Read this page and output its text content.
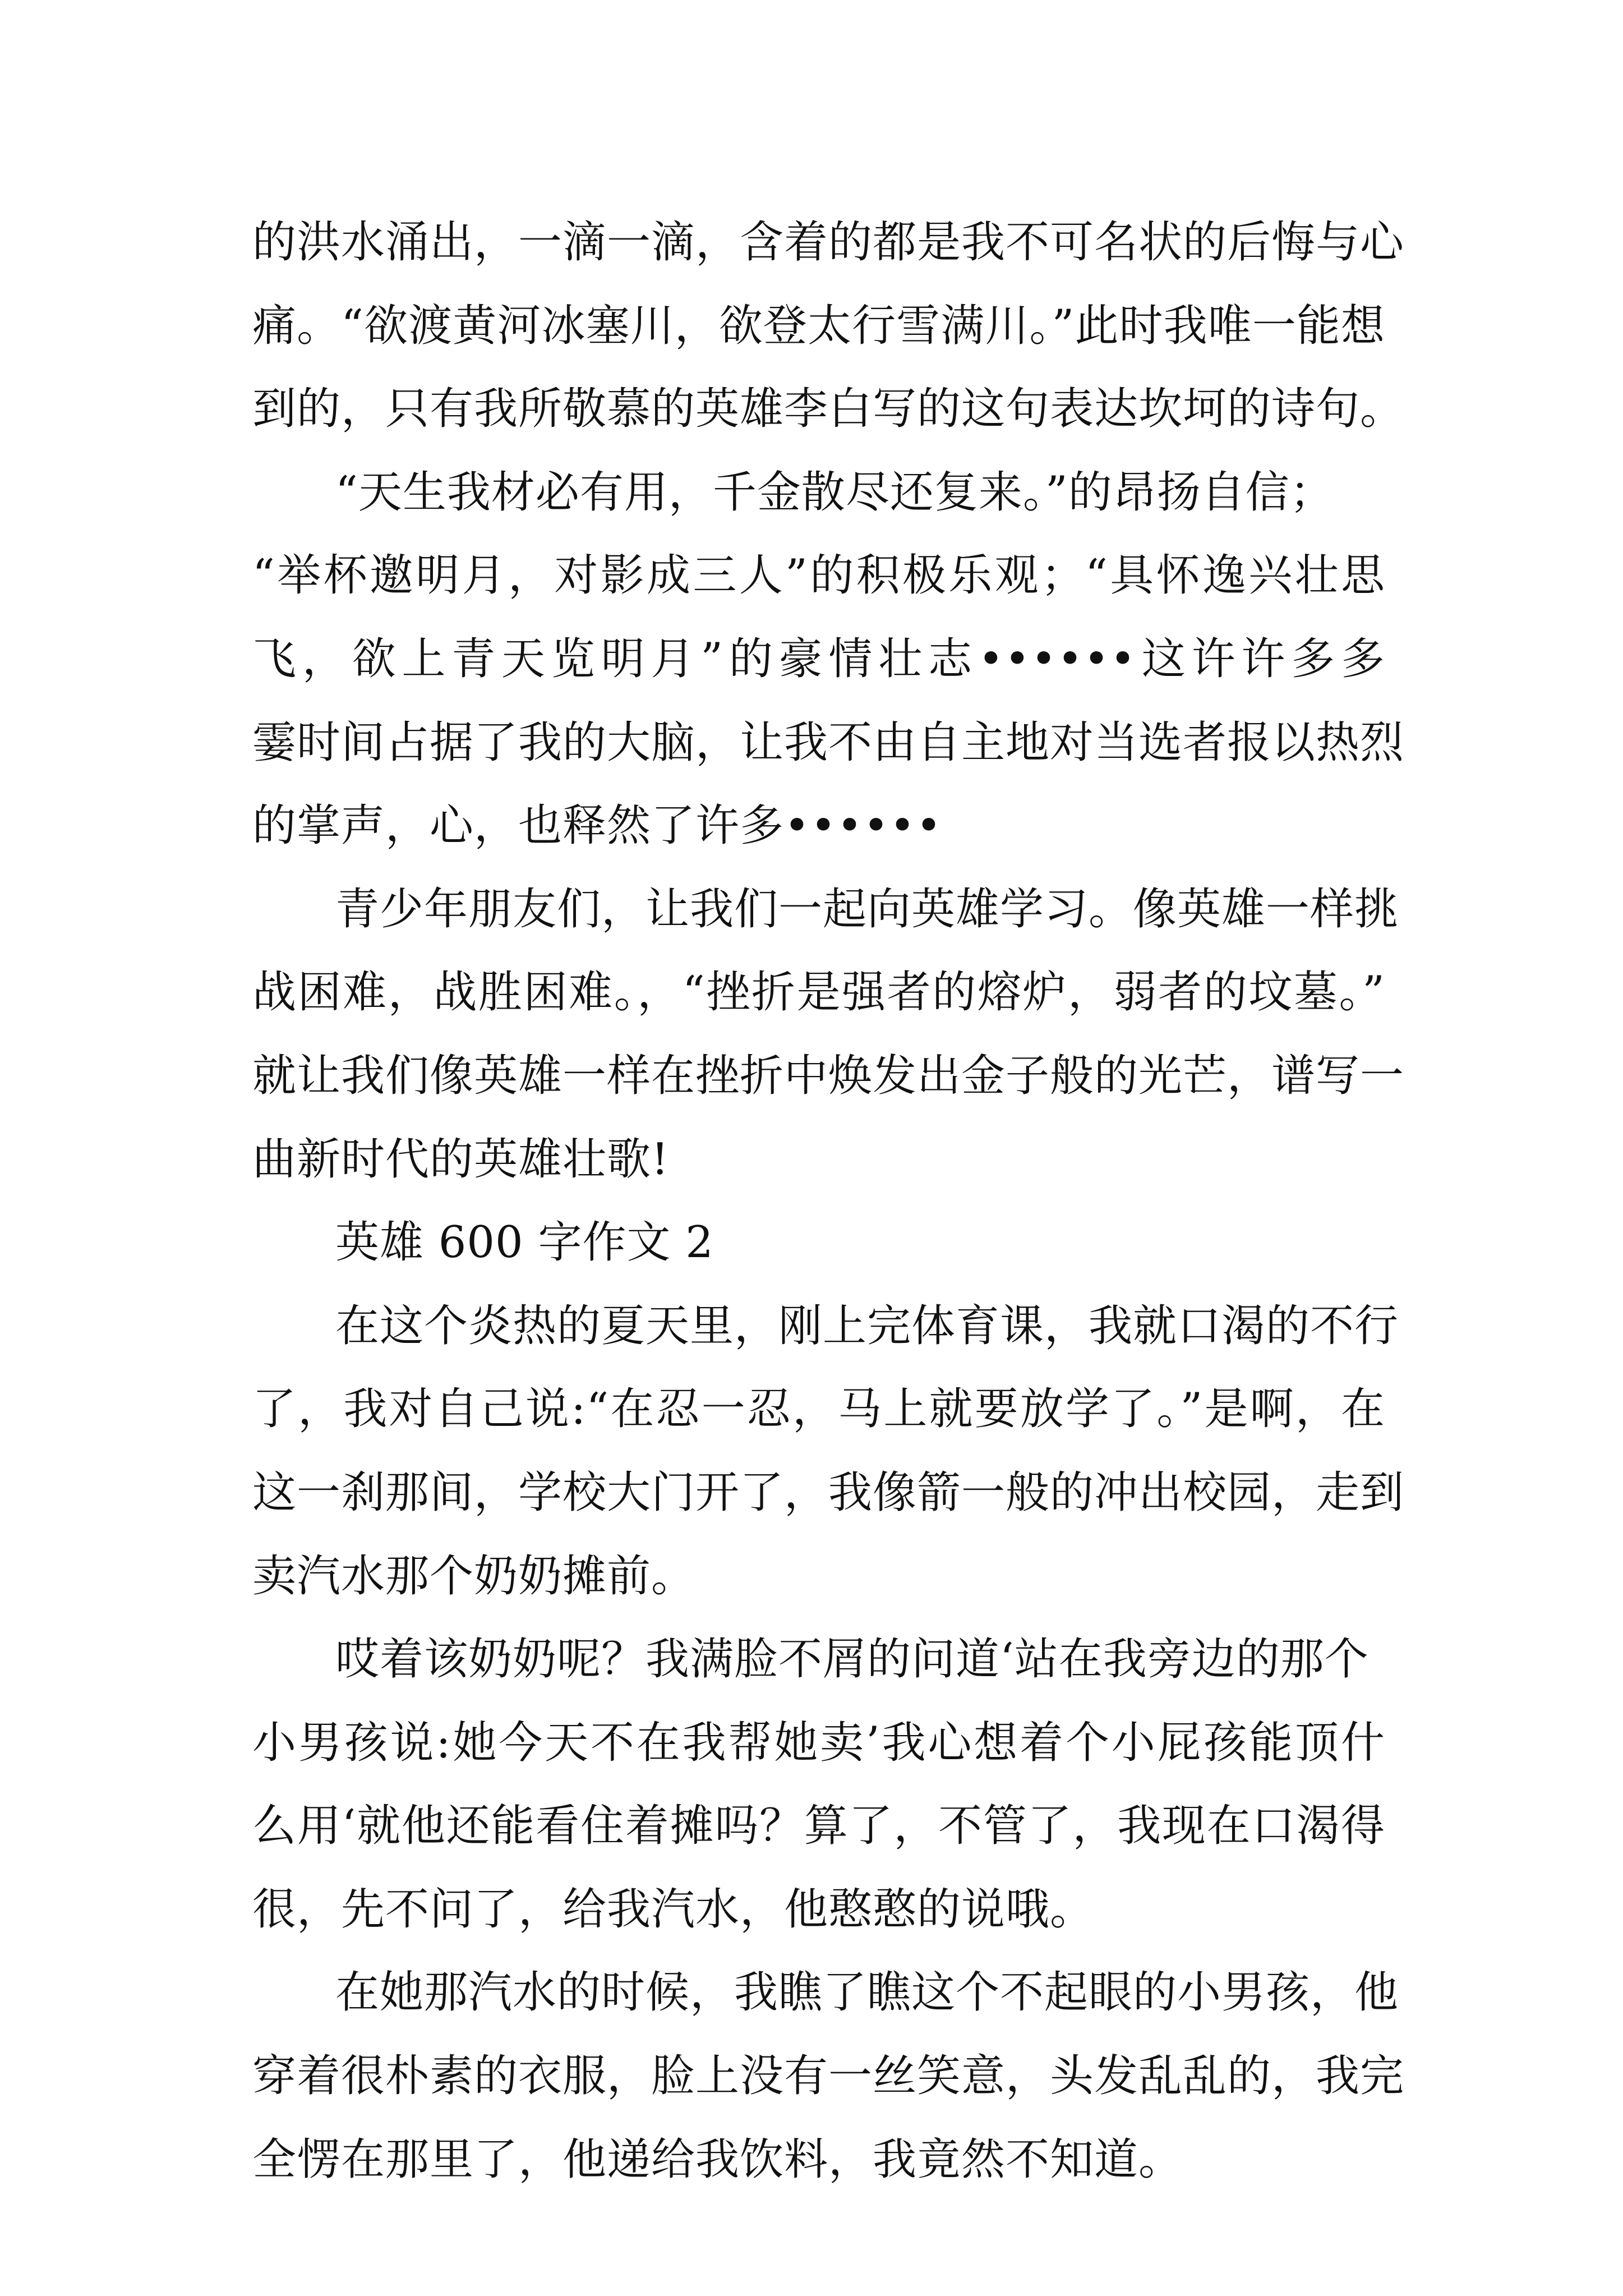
的洪水涌出，一滴一滴，含着的都是我不可名状的后悔与心
痛。“欲渡黄河冰塞川，欲登太行雪满川。”此时我唯一能想
到的，只有我所敬慕的英雄李白写的这句表达坎坷的诗句。
“天生我材必有用，千金散尽还复来。”的昂扬自信；
“举杯邀明月，对影成三人”的积极乐观；“具怀逸兴壮思
飞，欲上青天览明月”的豪情壮志••••••这许许多多
霎时间占据了我的大脑，让我不由自主地对当选者报以热烈
的掌声，心，也释然了许多••••••
青少年朋友们，让我们一起向英雄学习。像英雄一样挑
战困难，战胜困难。，“挫折是强者的熔炉，弱者的坟墓。”
就让我们像英雄一样在挫折中焕发出金子般的光芒，谱写一
曲新时代的英雄壮歌!
英雄 600 字作文 2
在这个炎热的夏天里，刚上完体育课，我就口渴的不行
了，我对自己说:“在忍一忍，马上就要放学了。”是啊，在
这一刹那间，学校大门开了，我像箭一般的冲出校园，走到
卖汽水那个奶奶摊前。
哎着该奶奶呢？我满脸不屑的问道‘站在我旁边的那个
小男孩说:她今天不在我帮她卖’我心想着个小屁孩能顶什
么用‘就他还能看住着摊吗？算了，不管了，我现在口渴得
很，先不问了，给我汽水，他憨憨的说哦。
在她那汽水的时候，我瞧了瞧这个不起眼的小男孩，他
穿着很朴素的衣服，脸上没有一丝笑意，头发乱乱的，我完
全愣在那里了，他递给我饮料，我竟然不知道。
